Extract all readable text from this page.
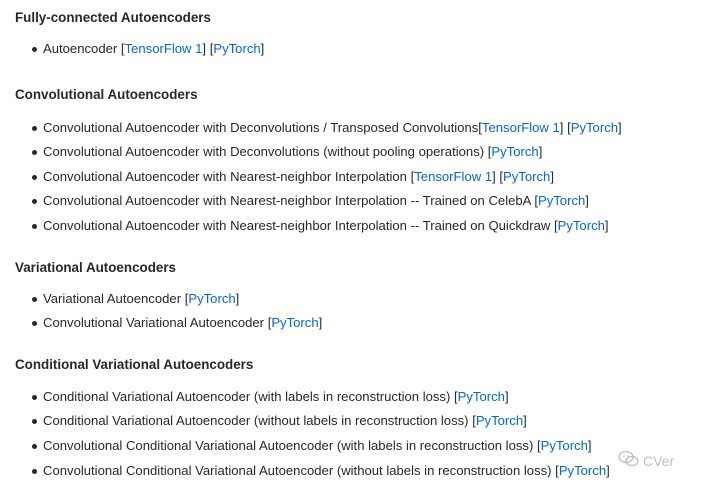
Fully-connected Autoencoders
Autoencoder [TensorFlow 1] [PyTorch]
Convolutional Autoencoders
Convolutional Autoencoder with Deconvolutions / Transposed Convolutions[TensorFlow 1] [PyTorch]
Convolutional Autoencoder with Deconvolutions (without pooling operations) [PyTorch]
Convolutional Autoencoder with Nearest-neighbor Interpolation [TensorFlow 1] [PyTorch]
Convolutional Autoencoder with Nearest-neighbor Interpolation -- Trained on CelebA [PyTorch]
Convolutional Autoencoder with Nearest-neighbor Interpolation -- Trained on Quickdraw [PyTorch]
Variational Autoencoders
Variational Autoencoder [PyTorch]
Convolutional Variational Autoencoder [PyTorch]
Conditional Variational Autoencoders
Conditional Variational Autoencoder (with labels in reconstruction loss) [PyTorch]
Conditional Variational Autoencoder (without labels in reconstruction loss) [PyTorch]
Convolutional Conditional Variational Autoencoder (with labels in reconstruction loss) [PyTorch]
Convolutional Conditional Variational Autoencoder (without labels in reconstruction loss) [PyTorch]
CVer
